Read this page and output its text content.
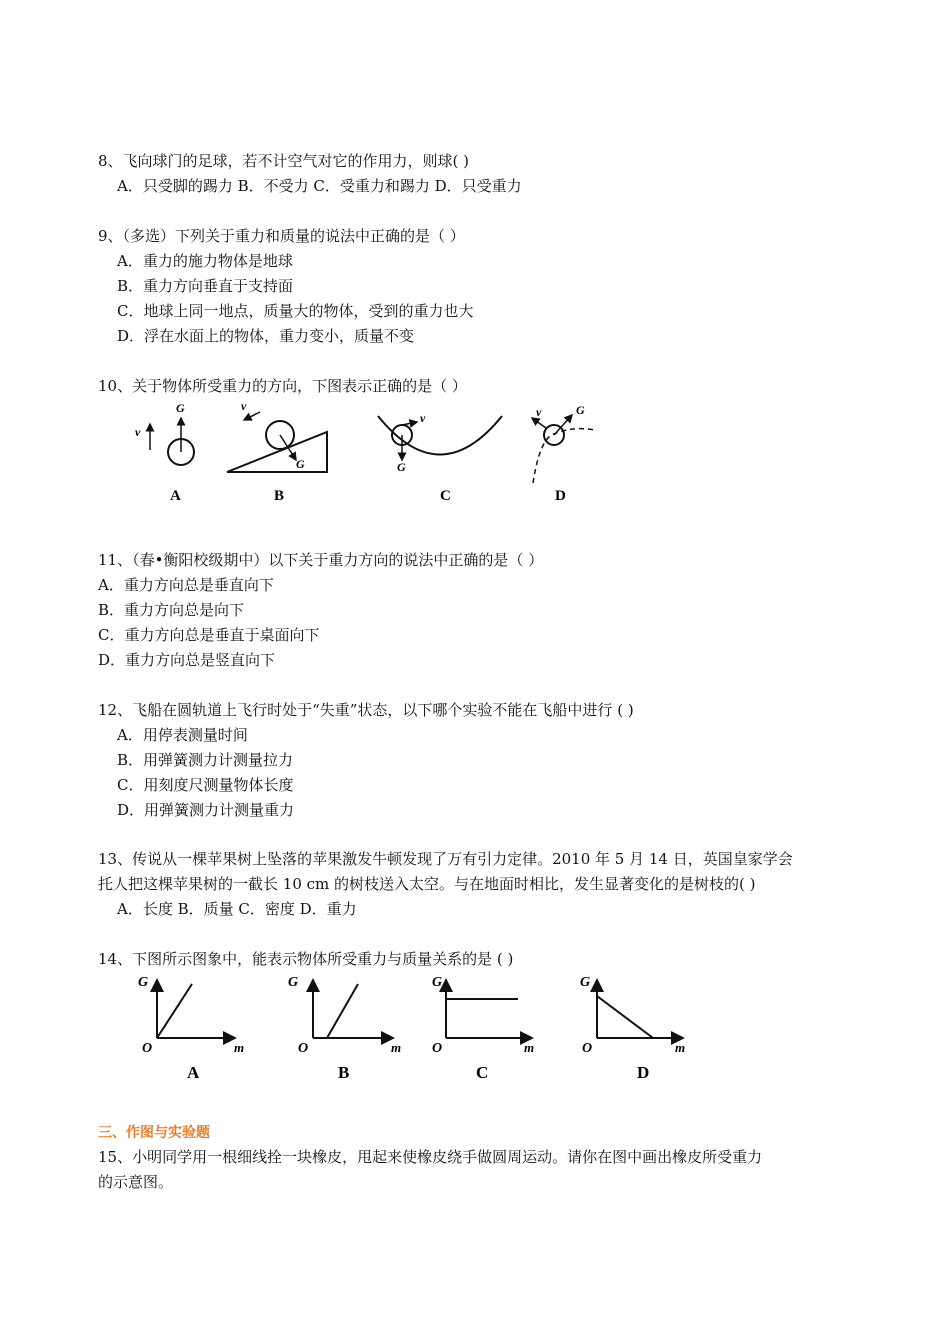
8、飞向球门的足球，若不计空气对它的作用力，则球( )
A．只受脚的踢力 B．不受力 C．受重力和踢力 D．只受重力
9、（多选）下列关于重力和质量的说法中正确的是（ ）
A．重力的施力物体是地球
B．重力方向垂直于支持面
C．地球上同一地点，质量大的物体，受到的重力也大
D．浮在水面上的物体，重力变小，质量不变
10、关于物体所受重力的方向，下图表示正确的是（ ）
v
G
A
G
v
B
G
v
C
v	G
D
11、（春•衡阳校级期中）以下关于重力方向的说法中正确的是（ ）
A．重力方向总是垂直向下
B．重力方向总是向下
C．重力方向总是垂直于桌面向下
D．重力方向总是竖直向下
12、飞船在圆轨道上飞行时处于“失重”状态，以下哪个实验不能在飞船中进行 ( )
A．用停表测量时间
B．用弹簧测力计测量拉力
C．用刻度尺测量物体长度
D．用弹簧测力计测量重力
13、传说从一棵苹果树上坠落的苹果激发牛顿发现了万有引力定律。2010 年 5 月 14 日，英国皇家学会
托人把这棵苹果树的一截长 10 cm 的树枝送入太空。与在地面时相比，发生显著变化的是树枝的( )
A．长度 B．质量 C．密度 D．重力
14、下图所示图象中，能表示物体所受重力与质量关系的是 ( )
G
m
O
A
G
m
O
B
G
m
O
C
G
m
O
D
三、作图与实验题
15、小明同学用一根细线拴一块橡皮，甩起来使橡皮绕手做圆周运动。请你在图中画出橡皮所受重力
的示意图。
